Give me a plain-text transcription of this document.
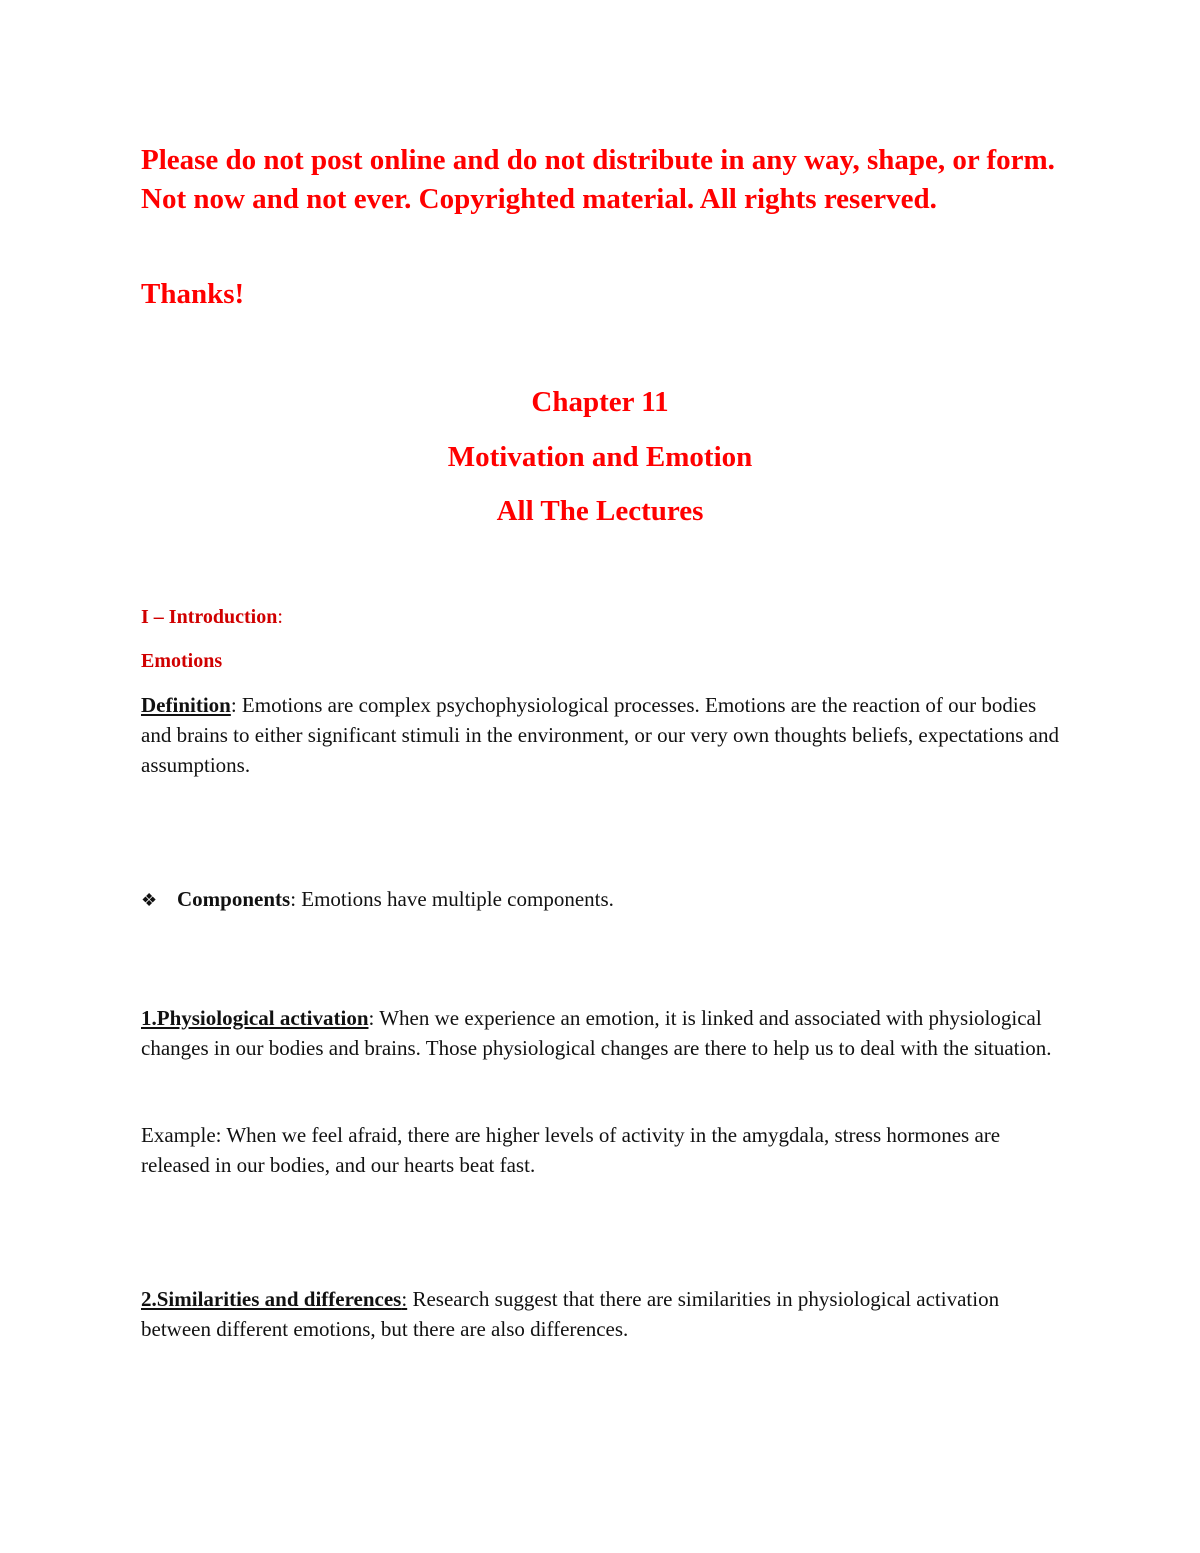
Please do not post online and do not distribute in any way, shape, or form. Not now and not ever. Copyrighted material. All rights reserved.
Thanks!
Chapter 11
Motivation and Emotion
All The Lectures
I – Introduction:
Emotions
Definition: Emotions are complex psychophysiological processes. Emotions are the reaction of our bodies and brains to either significant stimuli in the environment, or our very own thoughts beliefs, expectations and assumptions.
❖ Components: Emotions have multiple components.
1.Physiological activation: When we experience an emotion, it is linked and associated with physiological changes in our bodies and brains. Those physiological changes are there to help us to deal with the situation.
Example: When we feel afraid, there are higher levels of activity in the amygdala, stress hormones are released in our bodies, and our hearts beat fast.
2.Similarities and differences: Research suggest that there are similarities in physiological activation between different emotions, but there are also differences.
